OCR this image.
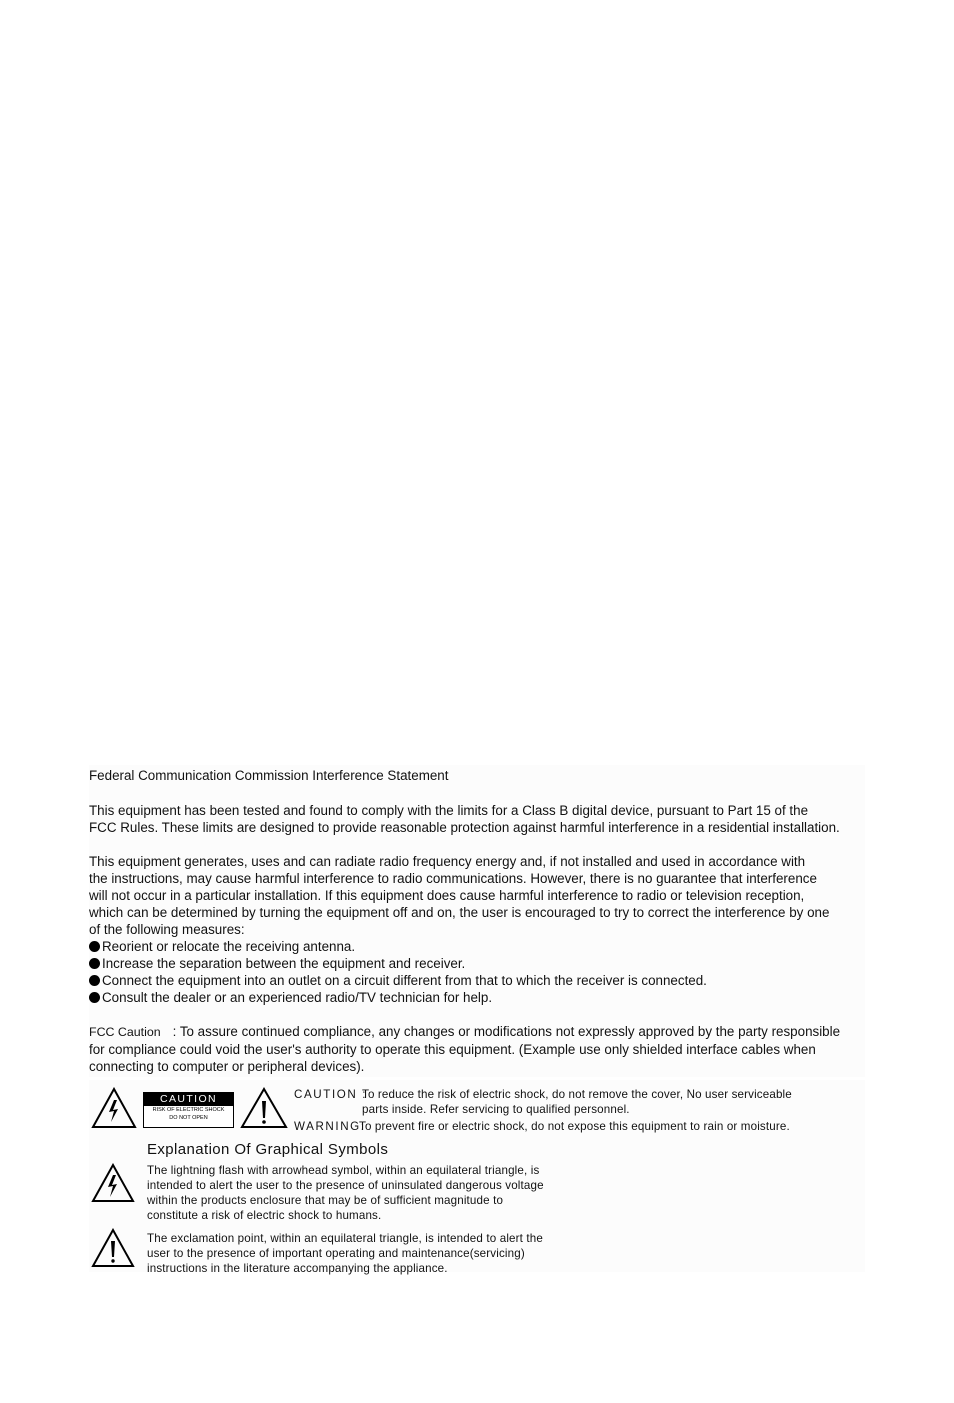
Federal Communication Commission Interference Statement
This equipment has been tested and found to comply with the limits for a Class B digital device, pursuant to Part 15 of the
FCC Rules. These limits are designed to provide reasonable protection against harmful interference in a residential installation.
This equipment generates, uses and can radiate radio frequency energy and, if not installed and used in accordance with
the instructions, may cause harmful interference to radio communications. However, there is no guarantee that interference
will not occur in a particular installation. If this equipment does cause harmful interference to radio or television reception,
which can be determined by turning the equipment off and on, the user is encouraged to try to correct the interference by one
of the following measures:
Reorient or relocate the receiving antenna.
Increase the separation between the equipment and receiver.
Connect the equipment into an outlet on a circuit different from that to which the receiver is connected.
Consult the dealer or an experienced radio/TV technician for help.
FCC Caution : To assure continued compliance, any changes or modifications not expressly approved by the party responsible
for compliance could void the user's authority to operate this equipment. (Example use only shielded interface cables when
connecting to computer or peripheral devices).
CAUTION
RISK OF ELECTRIC SHOCK
DO NOT OPEN
CAUTION :
To reduce the risk of electric shock, do not remove the cover, No user serviceable
parts inside. Refer servicing to qualified personnel.
WARNING:
To prevent fire or electric shock, do not expose this equipment to rain or moisture.
Explanation Of Graphical Symbols
The lightning flash with arrowhead symbol, within an equilateral triangle, is
intended to alert the user to the presence of uninsulated dangerous voltage
within the products enclosure that may be of sufficient magnitude to
constitute a risk of electric shock to humans.
The exclamation point, within an equilateral triangle, is intended to alert the
user to the presence of important operating and maintenance(servicing)
instructions in the literature accompanying the appliance.
